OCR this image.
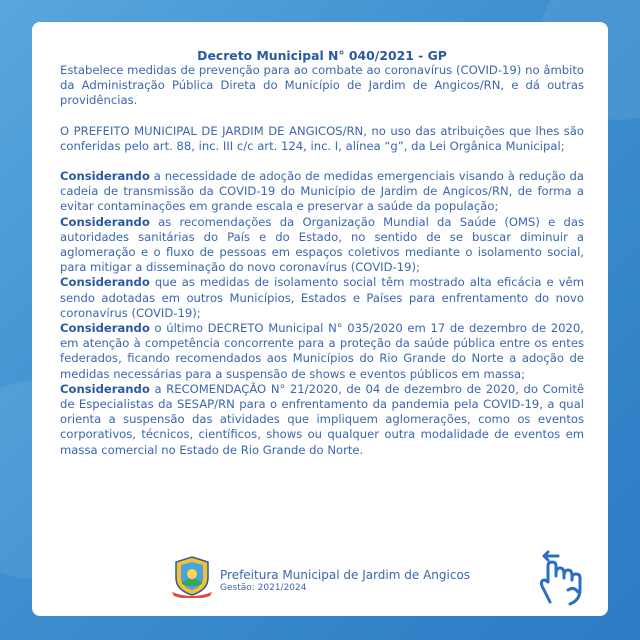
Decreto Municipal N° 040/2021 - GP

Estabelece medidas de prevenção para ao combate ao coronavírus (COVID-19) no âmbito da Administração Pública Direta do Município de Jardim de Angicos/RN, e dá outras providências.

O PREFEITO MUNICIPAL DE JARDIM DE ANGICOS/RN, no uso das atribuições que lhes são conferidas pelo art. 88, inc. III c/c art. 124, inc. I, alínea “g”, da Lei Orgânica Municipal;

Considerando a necessidade de adoção de medidas emergenciais visando à redução da cadeia de transmissão da COVID-19 do Município de Jardim de Angicos/RN, de forma a evitar contaminações em grande escala e preservar a saúde da população;

Considerando as recomendações da Organização Mundial da Saúde (OMS) e das autoridades sanitárias do País e do Estado, no sentido de se buscar diminuir a aglomeração e o fluxo de pessoas em espaços coletivos mediante o isolamento social, para mitigar a disseminação do novo coronavírus (COVID-19);

Considerando que as medidas de isolamento social têm mostrado alta eficácia e vêm sendo adotadas em outros Municípios, Estados e Países para enfrentamento do novo coronavírus (COVID-19);

Considerando o último DECRETO Municipal N° 035/2020 em 17 de dezembro de 2020, em atenção à competência concorrente para a proteção da saúde pública entre os entes federados, ficando recomendados aos Municípios do Rio Grande do Norte a adoção de medidas necessárias para a suspensão de shows e eventos públicos em massa;

Considerando a RECOMENDAÇÃO N° 21/2020, de 04 de dezembro de 2020, do Comitê de Especialistas da SESAP/RN para o enfrentamento da pandemia pela COVID-19, a qual orienta a suspensão das atividades que impliquem aglomerações, como os eventos corporativos, técnicos, científicos, shows ou qualquer outra modalidade de eventos em massa comercial no Estado de Rio Grande do Norte.

Prefeitura Municipal de Jardim de Angicos
Gestão: 2021/2024
